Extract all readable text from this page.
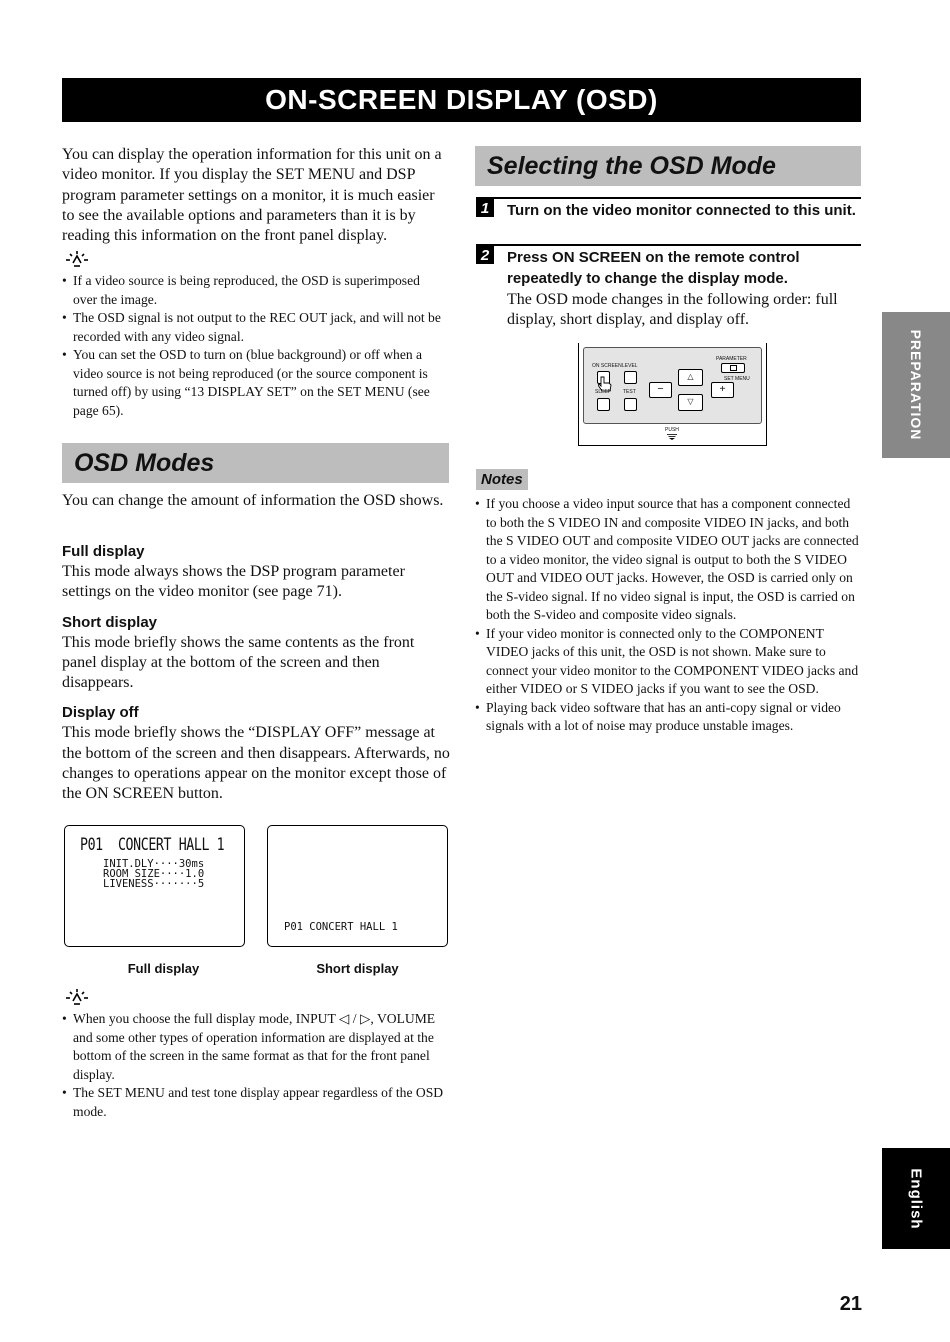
ON-SCREEN DISPLAY (OSD)
You can display the operation information for this unit on a video monitor. If you display the SET MENU and DSP program parameter settings on a monitor, it is much easier to see the available options and parameters than it is by reading this information on the front panel display.
• If a video source is being reproduced, the OSD is superimposed over the image.
• The OSD signal is not output to the REC OUT jack, and will not be recorded with any video signal.
• You can set the OSD to turn on (blue background) or off when a video source is not being reproduced (or the source component is turned off) by using “13 DISPLAY SET” on the SET MENU (see page 65).
OSD Modes
You can change the amount of information the OSD shows.
Full display
This mode always shows the DSP program parameter settings on the video monitor (see page 71).
Short display
This mode briefly shows the same contents as the front panel display at the bottom of the screen and then disappears.
Display off
This mode briefly shows the “DISPLAY OFF” message at the bottom of the screen and then disappears. Afterwards, no changes to operations appear on the monitor except those of the ON SCREEN button.
P01  CONCERT HALL 1
INIT.DLY····30ms
ROOM SIZE····1.0
LIVENESS·······5
Full display
P01 CONCERT HALL 1
Short display
• When you choose the full display mode, INPUT ◁ / ▷, VOLUME and some other types of operation information are displayed at the bottom of the screen in the same format as that for the front panel display.
• The SET MENU and test tone display appear regardless of the OSD mode.
Selecting the OSD Mode
1	Turn on the video monitor connected to this unit.
2	Press ON SCREEN on the remote control repeatedly to change the display mode.
The OSD mode changes in the following order: full display, short display, and display off.
ON SCREEN LEVEL
SLEEP TEST	−	+
△
▽
PARAMETER
SET MENU
PUSH
Notes
• If you choose a video input source that has a component connected to both the S VIDEO IN and composite VIDEO IN jacks, and both the S VIDEO OUT and composite VIDEO OUT jacks are connected to a video monitor, the video signal is output to both the S VIDEO OUT and VIDEO OUT jacks. However, the OSD is carried only on the S-video signal. If no video signal is input, the OSD is carried on both the S-video and composite video signals.
• If your video monitor is connected only to the COMPONENT VIDEO jacks of this unit, the OSD is not shown. Make sure to connect your video monitor to the COMPONENT VIDEO jacks and either VIDEO or S VIDEO jacks if you want to see the OSD.
• Playing back video software that has an anti-copy signal or video signals with a lot of noise may produce unstable images.
PREPARATION
English
21
